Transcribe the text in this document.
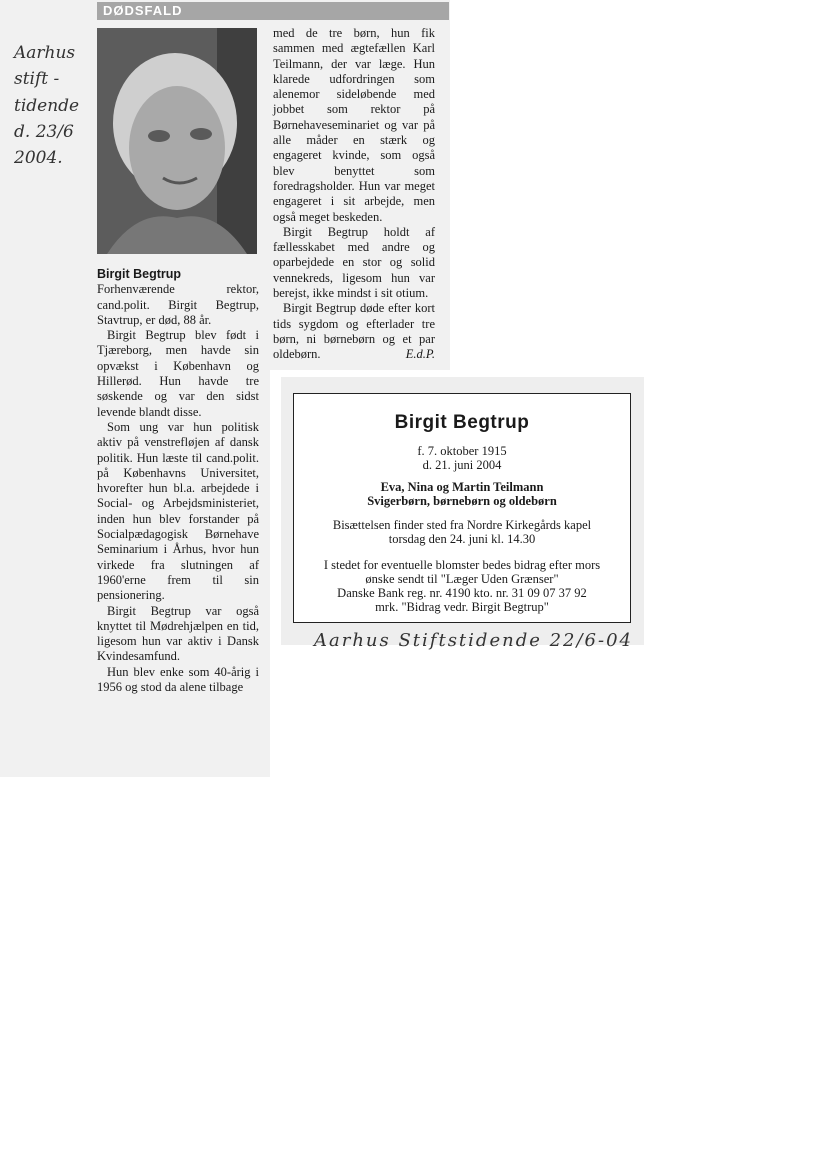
DØDSFALD
Aarhus
stift -
tidende
d. 23/6
2004.
Birgit Begtrup

Forhenværende rektor, cand.polit. Birgit Begtrup, Stavtrup, er død, 88 år.

Birgit Begtrup blev født i Tjæreborg, men havde sin opvækst i København og Hillerød. Hun havde tre søskende og var den sidst levende blandt disse.

Som ung var hun politisk aktiv på venstrefløjen af dansk politik. Hun læste til cand.polit. på Københavns Universitet, hvorefter hun bl.a. arbejdede i Social- og Arbejdsministeriet, inden hun blev forstander på Socialpædagogisk Børnehave Seminarium i Århus, hvor hun virkede fra slutningen af 1960'erne frem til sin pensionering.

Birgit Begtrup var også knyttet til Mødrehjælpen en tid, ligesom hun var aktiv i Dansk Kvindesamfund.

Hun blev enke som 40-årig i 1956 og stod da alene tilbage

med de tre børn, hun fik sammen med ægtefællen Karl Teilmann, der var læge. Hun klarede udfordringen som alenemor sideløbende med jobbet som rektor på Børnehaveseminariet og var på alle måder en stærk og engageret kvinde, som også blev benyttet som foredragsholder. Hun var meget engageret i sit arbejde, men også meget beskeden.

Birgit Begtrup holdt af fællesskabet med andre og oparbejdede en stor og solid vennekreds, ligesom hun var berejst, ikke mindst i sit otium.

Birgit Begtrup døde efter kort tids sygdom og efterlader tre børn, ni børnebørn og et par oldebørn.	E.d.P.

Birgit Begtrup
f. 7. oktober 1915
d. 21. juni 2004
Eva, Nina og Martin Teilmann
Svigerbørn, børnebørn og oldebørn
Bisættelsen finder sted fra Nordre Kirkegårds kapel
torsdag den 24. juni kl. 14.30
I stedet for eventuelle blomster bedes bidrag efter mors
ønske sendt til "Læger Uden Grænser"
Danske Bank reg. nr. 4190 kto. nr. 31 09 07 37 92
mrk. "Bidrag vedr. Birgit Begtrup"
Aarhus Stiftstidende 22/6-04
